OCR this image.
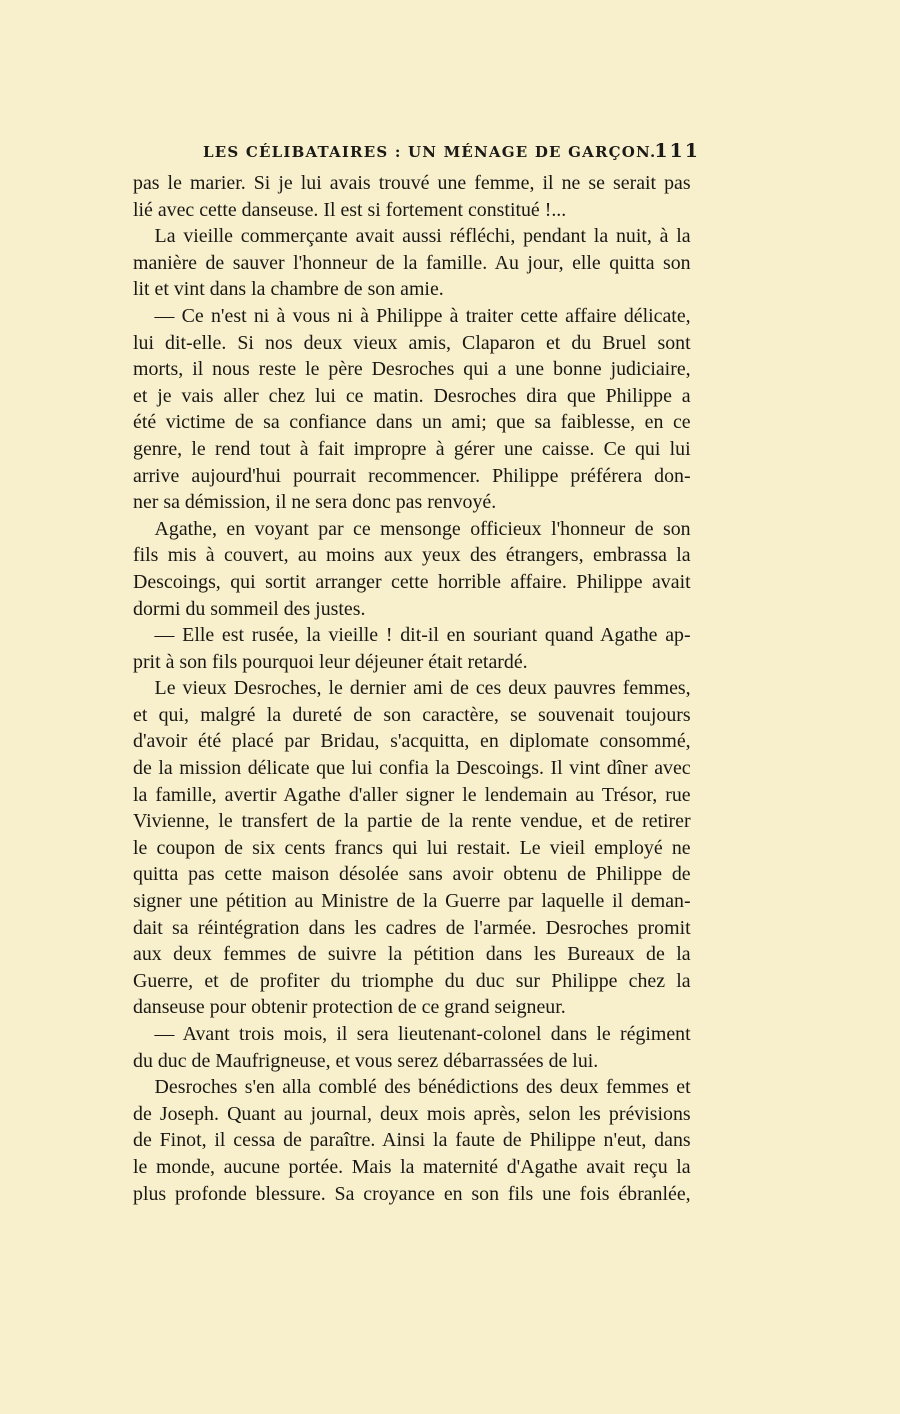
LES CÉLIBATAIRES : UN MÉNAGE DE GARÇON.
111
pas le marier. Si je lui avais trouvé une femme, il ne se serait pas
lié avec cette danseuse. Il est si fortement constitué !...
La vieille commerçante avait aussi réfléchi, pendant la nuit, à la
manière de sauver l'honneur de la famille. Au jour, elle quitta son
lit et vint dans la chambre de son amie.
— Ce n'est ni à vous ni à Philippe à traiter cette affaire délicate,
lui dit-elle. Si nos deux vieux amis, Claparon et du Bruel sont
morts, il nous reste le père Desroches qui a une bonne judiciaire,
et je vais aller chez lui ce matin. Desroches dira que Philippe a
été victime de sa confiance dans un ami; que sa faiblesse, en ce
genre, le rend tout à fait impropre à gérer une caisse. Ce qui lui
arrive aujourd'hui pourrait recommencer. Philippe préférera don-
ner sa démission, il ne sera donc pas renvoyé.
Agathe, en voyant par ce mensonge officieux l'honneur de son
fils mis à couvert, au moins aux yeux des étrangers, embrassa la
Descoings, qui sortit arranger cette horrible affaire. Philippe avait
dormi du sommeil des justes.
— Elle est rusée, la vieille ! dit-il en souriant quand Agathe ap-
prit à son fils pourquoi leur déjeuner était retardé.
Le vieux Desroches, le dernier ami de ces deux pauvres femmes,
et qui, malgré la dureté de son caractère, se souvenait toujours
d'avoir été placé par Bridau, s'acquitta, en diplomate consommé,
de la mission délicate que lui confia la Descoings. Il vint dîner avec
la famille, avertir Agathe d'aller signer le lendemain au Trésor, rue
Vivienne, le transfert de la partie de la rente vendue, et de retirer
le coupon de six cents francs qui lui restait. Le vieil employé ne
quitta pas cette maison désolée sans avoir obtenu de Philippe de
signer une pétition au Ministre de la Guerre par laquelle il deman-
dait sa réintégration dans les cadres de l'armée. Desroches promit
aux deux femmes de suivre la pétition dans les Bureaux de la
Guerre, et de profiter du triomphe du duc sur Philippe chez la
danseuse pour obtenir protection de ce grand seigneur.
— Avant trois mois, il sera lieutenant-colonel dans le régiment
du duc de Maufrigneuse, et vous serez débarrassées de lui.
Desroches s'en alla comblé des bénédictions des deux femmes et
de Joseph. Quant au journal, deux mois après, selon les prévisions
de Finot, il cessa de paraître. Ainsi la faute de Philippe n'eut, dans
le monde, aucune portée. Mais la maternité d'Agathe avait reçu la
plus profonde blessure. Sa croyance en son fils une fois ébranlée,
